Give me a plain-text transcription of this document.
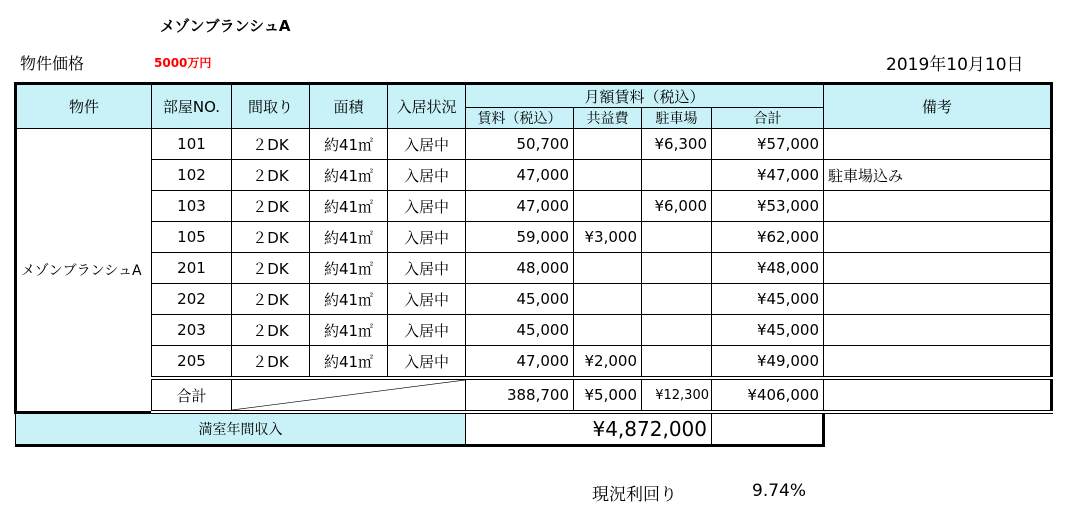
メゾンブランシュA
物件価格	5000万円	2019年10月10日
物件	部屋NO.	間取り	面積	入居状況	月額賃料（税込）				備考
					賃料（税込）	共益費	駐車場	合計	
メゾンブランシュA	101	２DK	約41㎡	入居中	50,700		¥6,300	¥57,000	
	102	２DK	約41㎡	入居中	47,000			¥47,000	駐車場込み
	103	２DK	約41㎡	入居中	47,000		¥6,000	¥53,000	
	105	２DK	約41㎡	入居中	59,000	¥3,000		¥62,000	
	201	２DK	約41㎡	入居中	48,000			¥48,000	
	202	２DK	約41㎡	入居中	45,000			¥45,000	
	203	２DK	約41㎡	入居中	45,000			¥45,000	
	205	２DK	約41㎡	入居中	47,000	¥2,000		¥49,000	
	合計				388,700	¥5,000	¥12,300	¥406,000	
満室年間収入					¥4,872,000				
現況利回り	9.74%
